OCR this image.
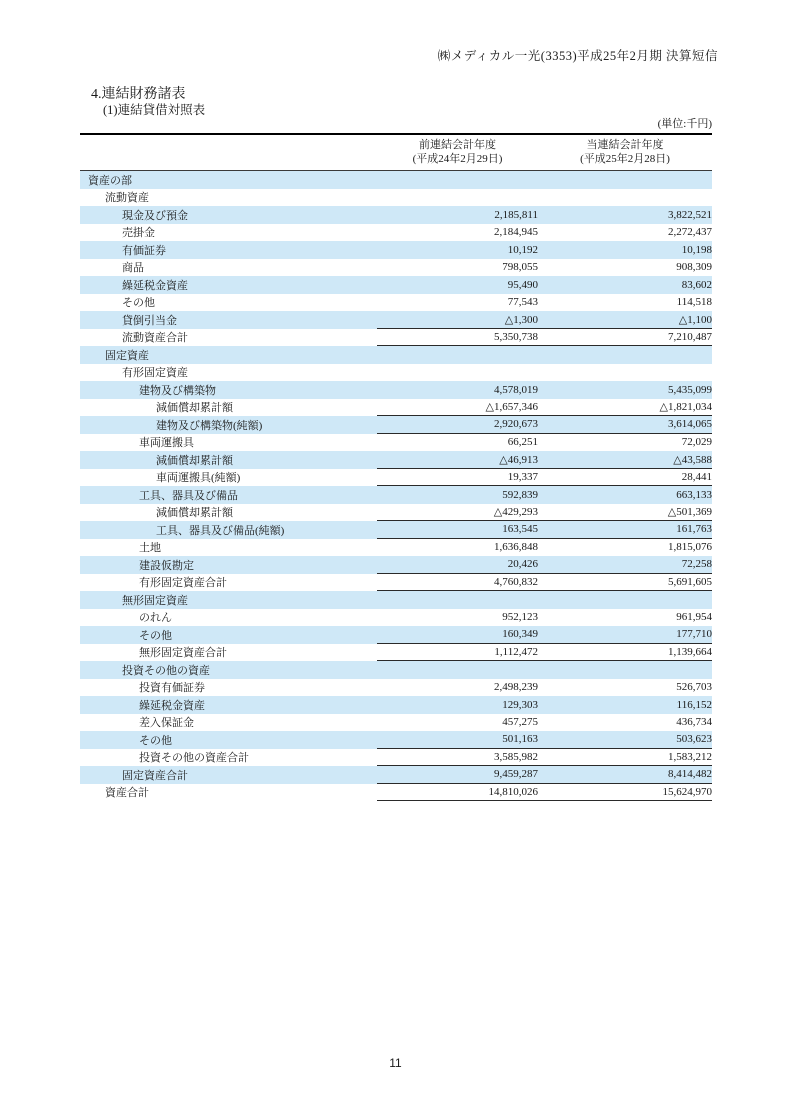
㈱メディカル一光(3353)平成25年2月期 決算短信
4.連結財務諸表
(1)連結貸借対照表
(単位:千円)
前連結会計年度
(平成24年2月29日)
当連結会計年度
(平成25年2月28日)
資産の部
流動資産
現金及び預金	2,185,811	3,822,521
売掛金	2,184,945	2,272,437
有価証券	10,192	10,198
商品	798,055	908,309
繰延税金資産	95,490	83,602
その他	77,543	114,518
貸倒引当金	△1,300	△1,100
流動資産合計	5,350,738	7,210,487
固定資産
有形固定資産
建物及び構築物	4,578,019	5,435,099
減価償却累計額	△1,657,346	△1,821,034
建物及び構築物(純額)	2,920,673	3,614,065
車両運搬具	66,251	72,029
減価償却累計額	△46,913	△43,588
車両運搬具(純額)	19,337	28,441
工具、器具及び備品	592,839	663,133
減価償却累計額	△429,293	△501,369
工具、器具及び備品(純額)	163,545	161,763
土地	1,636,848	1,815,076
建設仮勘定	20,426	72,258
有形固定資産合計	4,760,832	5,691,605
無形固定資産
のれん	952,123	961,954
その他	160,349	177,710
無形固定資産合計	1,112,472	1,139,664
投資その他の資産
投資有価証券	2,498,239	526,703
繰延税金資産	129,303	116,152
差入保証金	457,275	436,734
その他	501,163	503,623
投資その他の資産合計	3,585,982	1,583,212
固定資産合計	9,459,287	8,414,482
資産合計	14,810,026	15,624,970
11
